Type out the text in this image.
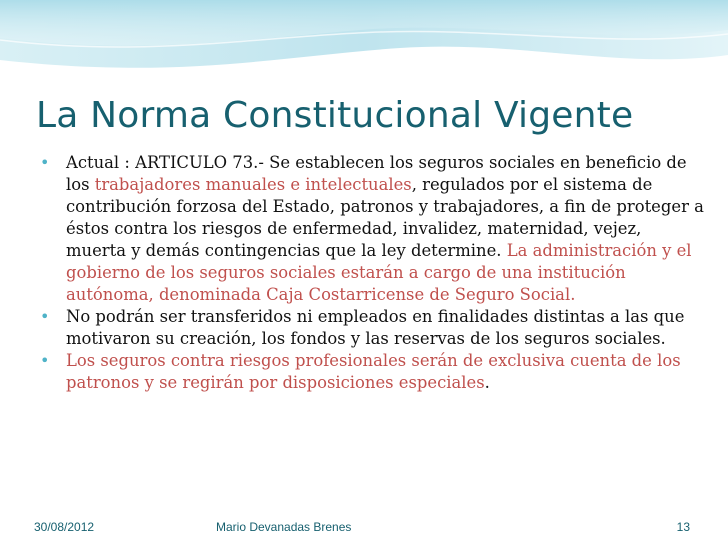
La Norma Constitucional Vigente
• Actual : ARTICULO 73.- Se establecen los seguros sociales en beneficio de los trabajadores manuales e intelectuales, regulados por el sistema de contribución forzosa del Estado, patronos y trabajadores, a fin de proteger a éstos contra los riesgos de enfermedad, invalidez, maternidad, vejez, muerta y demás contingencias que la ley determine. La administración y el gobierno de los seguros sociales estarán a cargo de una institución autónoma, denominada Caja Costarricense de Seguro Social.
• No podrán ser transferidos ni empleados en finalidades distintas a las que motivaron su creación, los fondos y las reservas de los seguros sociales.
• Los seguros contra riesgos profesionales serán de exclusiva cuenta de los patronos y se regirán por disposiciones especiales.
30/08/2012	Mario Devanadas Brenes	13
